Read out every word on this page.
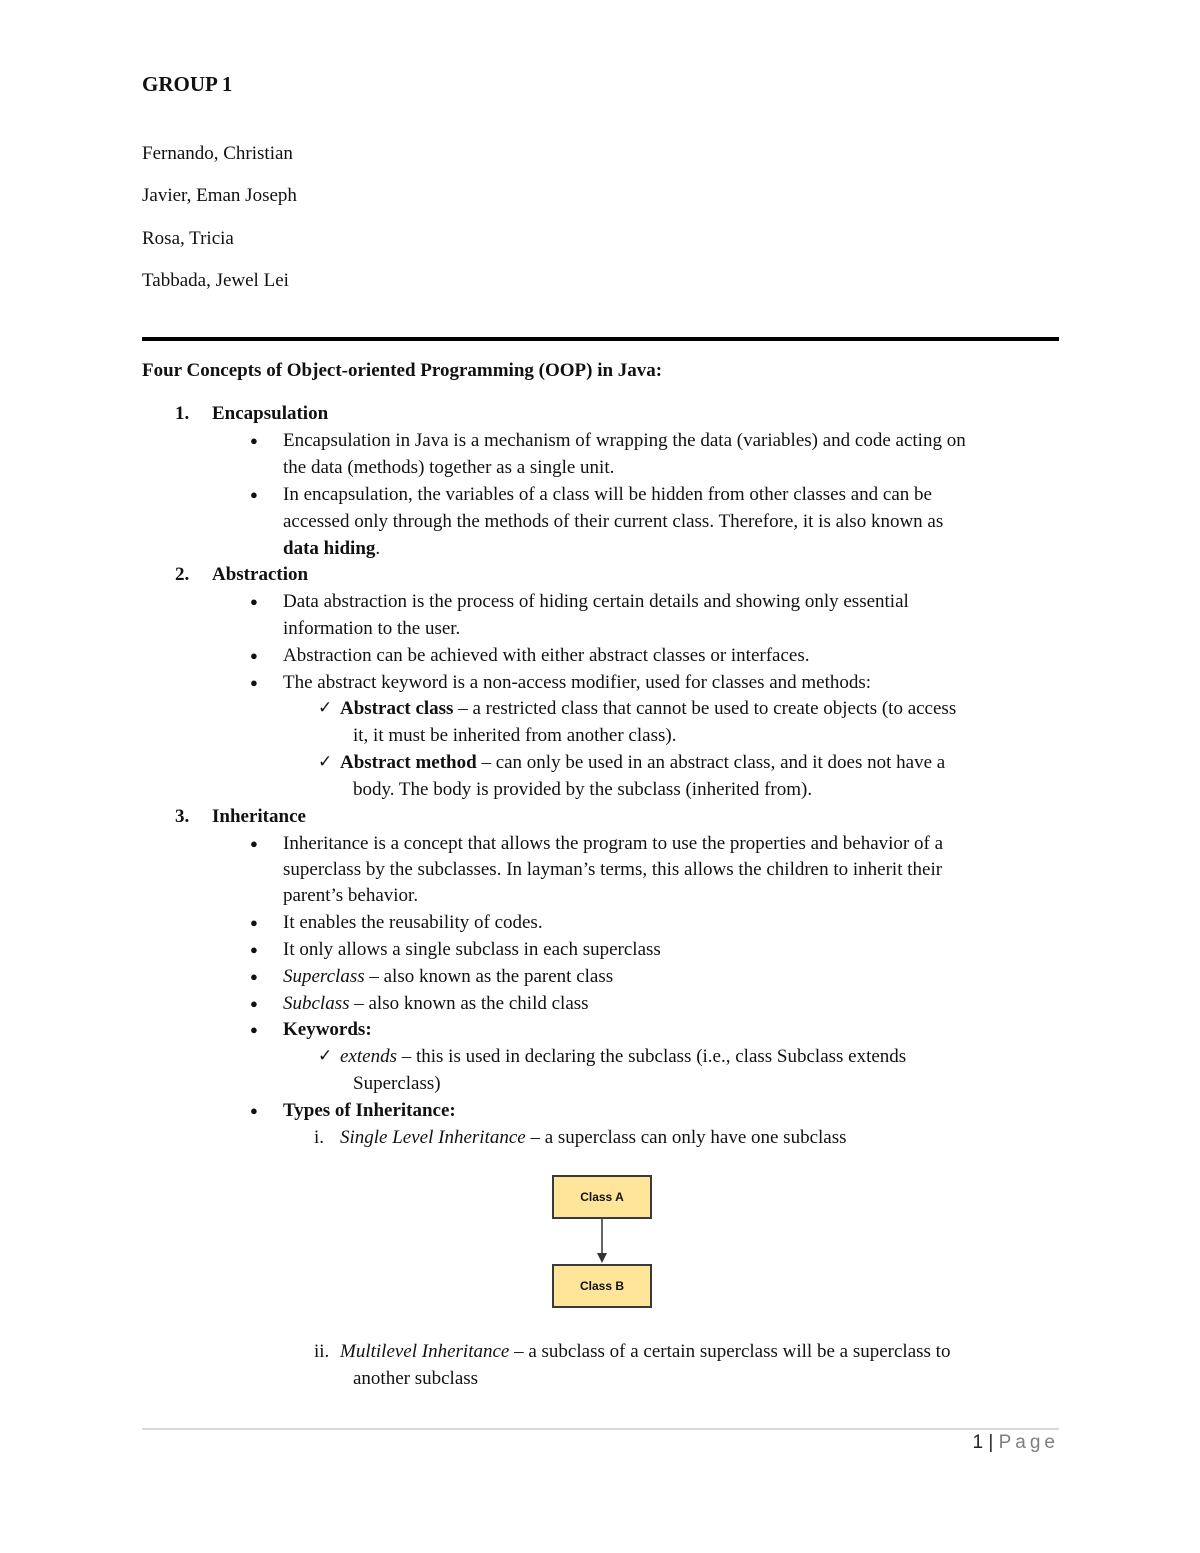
GROUP 1
Fernando, Christian
Javier, Eman Joseph
Rosa, Tricia
Tabbada, Jewel Lei
Four Concepts of Object-oriented Programming (OOP) in Java:
1. Encapsulation
● Encapsulation in Java is a mechanism of wrapping the data (variables) and code acting on
the data (methods) together as a single unit.
● In encapsulation, the variables of a class will be hidden from other classes and can be
accessed only through the methods of their current class. Therefore, it is also known as
data hiding.
2. Abstraction
● Data abstraction is the process of hiding certain details and showing only essential
information to the user.
● Abstraction can be achieved with either abstract classes or interfaces.
● The abstract keyword is a non-access modifier, used for classes and methods:
✓ Abstract class – a restricted class that cannot be used to create objects (to access
it, it must be inherited from another class).
✓ Abstract method – can only be used in an abstract class, and it does not have a
body. The body is provided by the subclass (inherited from).
3. Inheritance
● Inheritance is a concept that allows the program to use the properties and behavior of a
superclass by the subclasses. In layman’s terms, this allows the children to inherit their
parent’s behavior.
● It enables the reusability of codes.
● It only allows a single subclass in each superclass
● Superclass – also known as the parent class
● Subclass – also known as the child class
● Keywords:
✓ extends – this is used in declaring the subclass (i.e., class Subclass extends
Superclass)
● Types of Inheritance:
i. Single Level Inheritance – a superclass can only have one subclass
Class A
Class B
ii. Multilevel Inheritance – a subclass of a certain superclass will be a superclass to
another subclass
1 | Page
